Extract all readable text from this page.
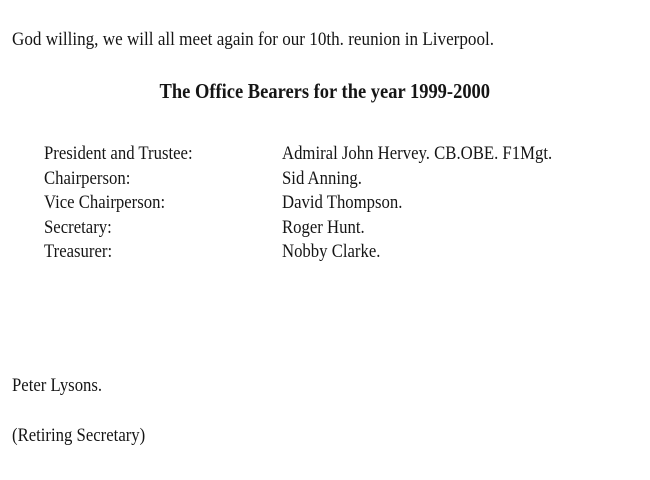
God willing, we will all meet again for our 10th. reunion in Liverpool.
The Office Bearers for the year 1999-2000
President and Trustee:	Admiral John Hervey. CB.OBE. F1Mgt.
Chairperson:	Sid Anning.
Vice Chairperson:	David Thompson.
Secretary:	Roger Hunt.
Treasurer:	Nobby Clarke.
Peter Lysons.
(Retiring Secretary)
